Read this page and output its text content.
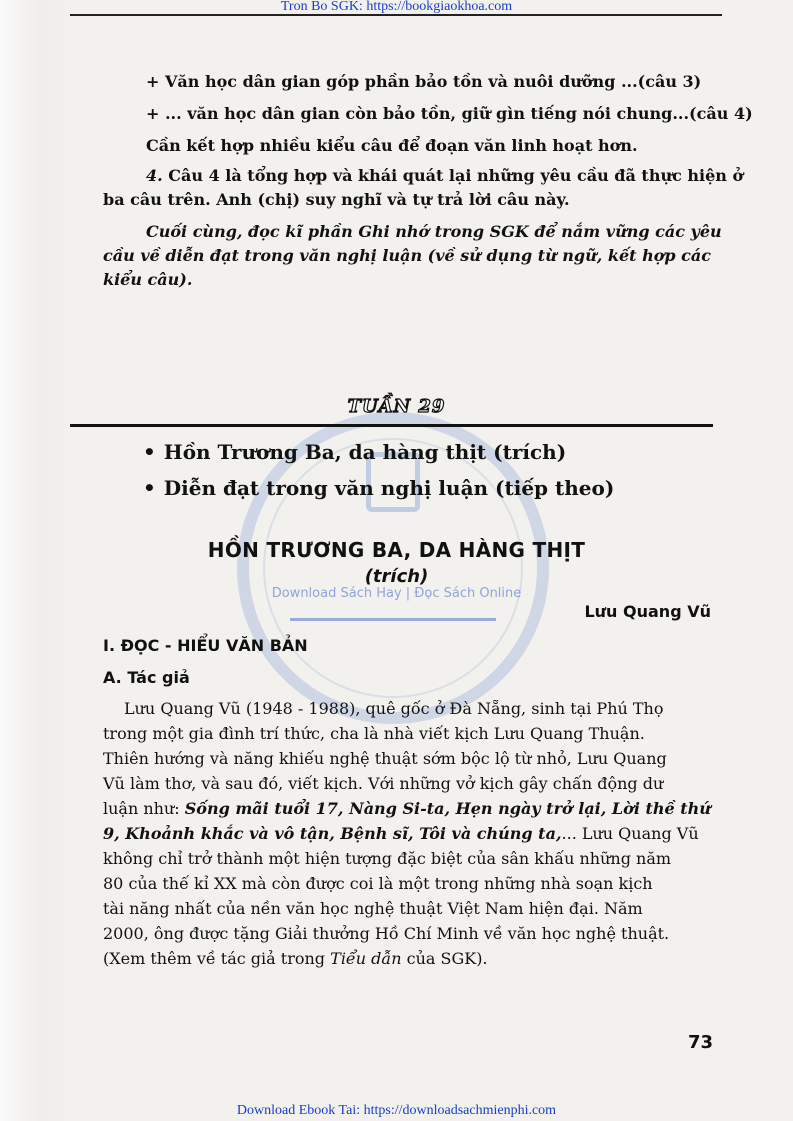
Tron Bo SGK: https://bookgiaokhoa.com
Download Sách Hay | Đọc Sách Online
+ Văn học dân gian góp phần bảo tồn và nuôi dưỡng ...(câu 3)
+ ... văn học dân gian còn bảo tồn, giữ gìn tiếng nói chung...(câu 4)
Cần kết hợp nhiều kiểu câu để đoạn văn linh hoạt hơn.
4. Câu 4 là tổng hợp và khái quát lại những yêu cầu đã thực hiện ở
ba câu trên. Anh (chị) suy nghĩ và tự trả lời câu này.
Cuối cùng, đọc kĩ phần Ghi nhớ trong SGK để nắm vững các yêu
cầu về diễn đạt trong văn nghị luận (về sử dụng từ ngữ, kết hợp các
kiểu câu).
TUẦN 29
• Hồn Trương Ba, da hàng thịt (trích)
• Diễn đạt trong văn nghị luận (tiếp theo)
HỒN TRƯƠNG BA, DA HÀNG THỊT
(trích)
Lưu Quang Vũ
I. ĐỌC - HIỂU VĂN BẢN
A. Tác giả
Lưu Quang Vũ (1948 - 1988), quê gốc ở Đà Nẵng, sinh tại Phú Thọ
trong một gia đình trí thức, cha là nhà viết kịch Lưu Quang Thuận.
Thiên hướng và năng khiếu nghệ thuật sớm bộc lộ từ nhỏ, Lưu Quang
Vũ làm thơ, và sau đó, viết kịch. Với những vở kịch gây chấn động dư
luận như: Sống mãi tuổi 17, Nàng Si-ta, Hẹn ngày trở lại, Lời thề thứ
9, Khoảnh khắc và vô tận, Bệnh sĩ, Tôi và chúng ta,... Lưu Quang Vũ
không chỉ trở thành một hiện tượng đặc biệt của sân khấu những năm
80 của thế kỉ XX mà còn được coi là một trong những nhà soạn kịch
tài năng nhất của nền văn học nghệ thuật Việt Nam hiện đại. Năm
2000, ông được tặng Giải thưởng Hồ Chí Minh về văn học nghệ thuật.
(Xem thêm về tác giả trong Tiểu dẫn của SGK).
73
Download Ebook Tai: https://downloadsachmienphi.com
